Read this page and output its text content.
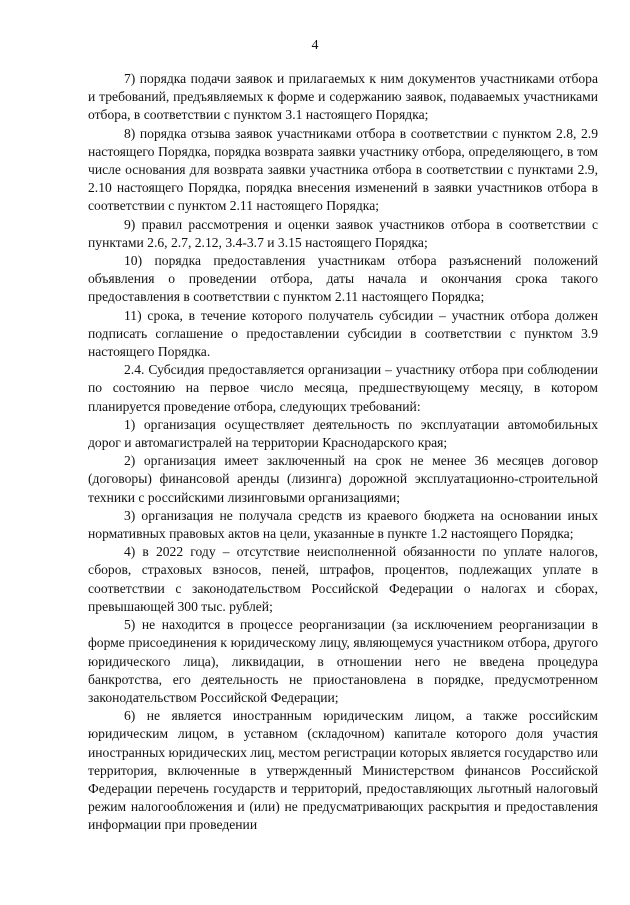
4

7) порядка подачи заявок и прилагаемых к ним документов участниками отбора и требований, предъявляемых к форме и содержанию заявок, подаваемых участниками отбора, в соответствии с пунктом 3.1 настоящего Порядка;

8) порядка отзыва заявок участниками отбора в соответствии с пунктом 2.8, 2.9 настоящего Порядка, порядка возврата заявки участнику отбора, определяющего, в том числе основания для возврата заявки участника отбора в соответствии с пунктами 2.9, 2.10 настоящего Порядка, порядка внесения изменений в заявки участников отбора в соответствии с пунктом 2.11 настоящего Порядка;

9) правил рассмотрения и оценки заявок участников отбора в соответствии с пунктами 2.6, 2.7, 2.12, 3.4-3.7 и 3.15 настоящего Порядка;

10) порядка предоставления участникам отбора разъяснений положений объявления о проведении отбора, даты начала и окончания срока такого предоставления в соответствии с пунктом 2.11 настоящего Порядка;

11) срока, в течение которого получатель субсидии – участник отбора должен подписать соглашение о предоставлении субсидии в соответствии с пунктом 3.9 настоящего Порядка.

2.4. Субсидия предоставляется организации – участнику отбора при соблюдении по состоянию на первое число месяца, предшествующему месяцу, в котором планируется проведение отбора, следующих требований:

1) организация осуществляет деятельность по эксплуатации автомобильных дорог и автомагистралей на территории Краснодарского края;

2) организация имеет заключенный на срок не менее 36 месяцев договор (договоры) финансовой аренды (лизинга) дорожной эксплуатационно-строительной техники с российскими лизинговыми организациями;

3) организация не получала средств из краевого бюджета на основании иных нормативных правовых актов на цели, указанные в пункте 1.2 настоящего Порядка;

4) в 2022 году – отсутствие неисполненной обязанности по уплате налогов, сборов, страховых взносов, пеней, штрафов, процентов, подлежащих уплате в соответствии с законодательством Российской Федерации о налогах и сборах, превышающей 300 тыс. рублей;

5) не находится в процессе реорганизации (за исключением реорганизации в форме присоединения к юридическому лицу, являющемуся участником отбора, другого юридического лица), ликвидации, в отношении него не введена процедура банкротства, его деятельность не приостановлена в порядке, предусмотренном законодательством Российской Федерации;

6) не является иностранным юридическим лицом, а также российским юридическим лицом, в уставном (складочном) капитале которого доля участия иностранных юридических лиц, местом регистрации которых является государство или территория, включенные в утвержденный Министерством финансов Российской Федерации перечень государств и территорий, предоставляющих льготный налоговый режим налогообложения и (или) не предусматривающих раскрытия и предоставления информации при проведении
